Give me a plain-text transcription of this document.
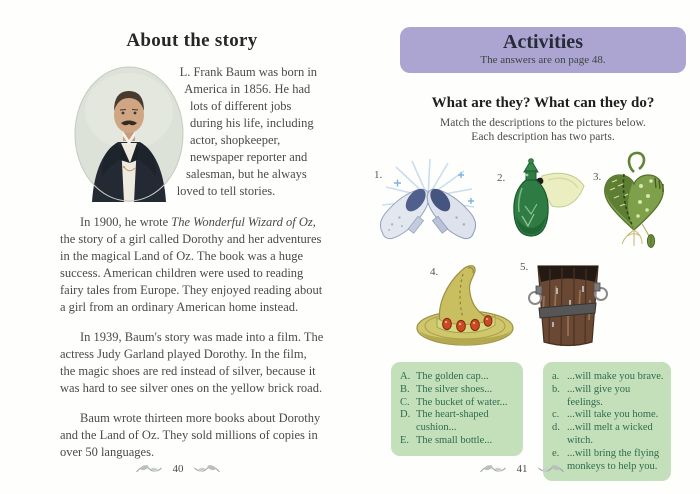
About the story

L. Frank Baum was born in America in 1856. He had lots of different jobs during his life, including actor, shopkeeper, newspaper reporter and salesman, but he always loved to tell stories.

In 1900, he wrote The Wonderful Wizard of Oz, the story of a girl called Dorothy and her adventures in the magical Land of Oz. The book was a huge success. American children were used to reading fairy tales from Europe. They enjoyed reading about a girl from an ordinary American home instead.

In 1939, Baum's story was made into a film. The actress Judy Garland played Dorothy. In the film, the magic shoes are red instead of silver, because it was hard to see silver ones on the yellow brick road.

Baum wrote thirteen more books about Dorothy and the Land of Oz. They sold millions of copies in over 50 languages.

40
Activities
The answers are on page 48.
What are they? What can they do?
Match the descriptions to the pictures below.
Each description has two parts.
1.	2.	3.
4.	5.
A. The golden cap...
B. The silver shoes...
C. The bucket of water...
D. The heart-shaped cushion...
E. The small bottle...
a. ...will make you brave.
b. ...will give you feelings.
c. ...will take you home.
d. ...will melt a wicked witch.
e. ...will bring the flying monkeys to help you.
41
